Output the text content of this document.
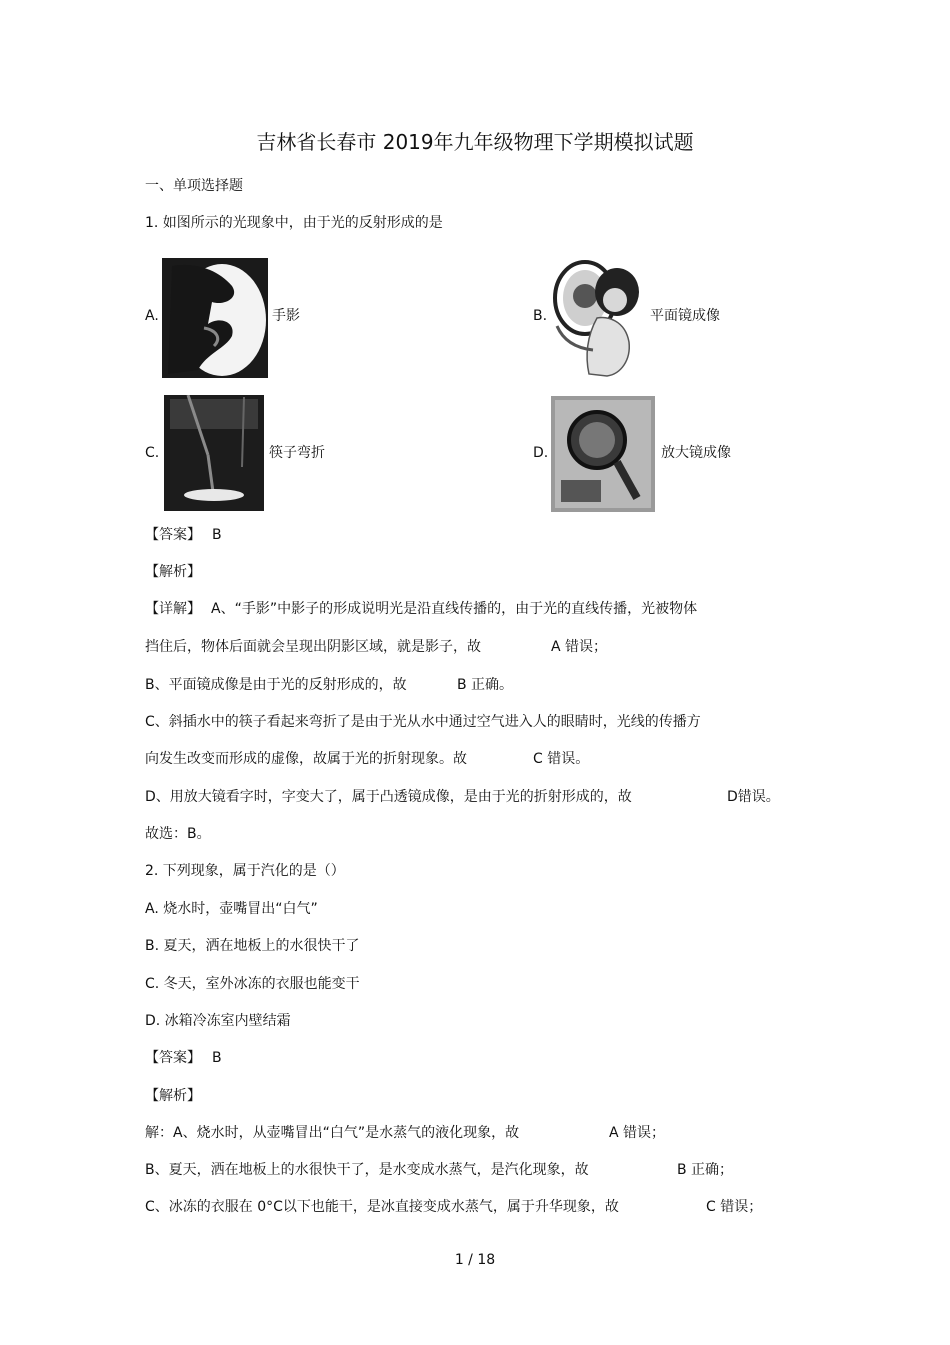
吉林省长春市 2019年九年级物理下学期模拟试题
一、单项选择题
1. 如图所示的光现象中，由于光的反射形成的是
A.	手影	B.	平面镜成像
C.	筷子弯折	D.	放大镜成像
【答案】 B
【解析】
【详解】 A、“手影”中影子的形成说明光是沿直线传播的，由于光的直线传播，光被物体
挡住后，物体后面就会呈现出阴影区域，就是影子，故	A 错误；
B、平面镜成像是由于光的反射形成的，故	B 正确。
C、斜插水中的筷子看起来弯折了是由于光从水中通过空气进入人的眼睛时，光线的传播方
向发生改变而形成的虚像，故属于光的折射现象。故	C 错误。
D、用放大镜看字时，字变大了，属于凸透镜成像，是由于光的折射形成的，故	D错误。
故选：B。
2. 下列现象，属于汽化的是（）
A. 烧水时，壶嘴冒出“白气”
B. 夏天，洒在地板上的水很快干了
C. 冬天，室外冰冻的衣服也能变干
D. 冰箱冷冻室内壁结霜
【答案】 B
【解析】
解：A、烧水时，从壶嘴冒出“白气”是水蒸气的液化现象，故	A 错误；
B、夏天，洒在地板上的水很快干了，是水变成水蒸气，是汽化现象，故	B 正确；
C、冰冻的衣服在 0°C以下也能干，是冰直接变成水蒸气，属于升华现象，故	C 错误；
1 / 18
